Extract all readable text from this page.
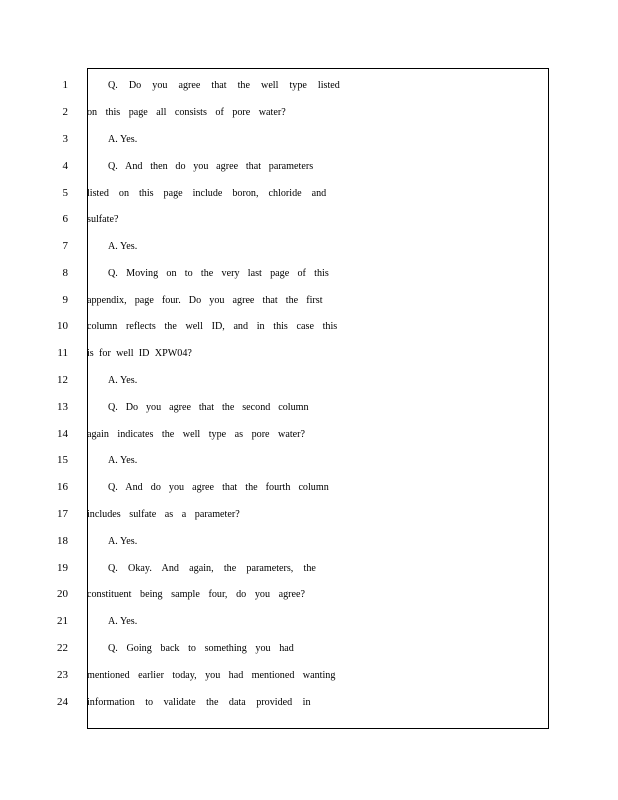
1	Q. Do you agree that the well type listed
2 on this page all consists of pore water?
3	A. Yes.
4	Q. And then do you agree that parameters
5 listed on this page include boron, chloride and
6 sulfate?
7	A. Yes.
8	Q. Moving on to the very last page of this
9 appendix, page four. Do you agree that the first
10 column reflects the well ID, and in this case this
11 is for well ID XPW04?
12	A. Yes.
13	Q. Do you agree that the second column
14 again indicates the well type as pore water?
15	A. Yes.
16	Q. And do you agree that the fourth column
17 includes sulfate as a parameter?
18	A. Yes.
19	Q. Okay. And again, the parameters, the
20 constituent being sample four, do you agree?
21	A. Yes.
22	Q. Going back to something you had
23 mentioned earlier today, you had mentioned wanting
24 information to validate the data provided in
